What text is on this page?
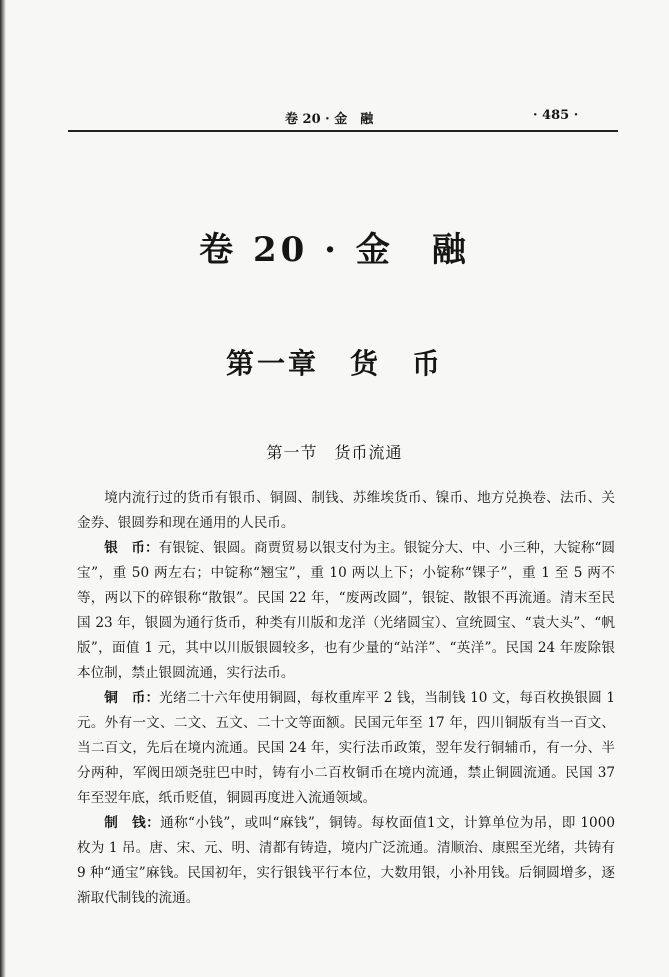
卷 20 · 金　融	· 485 ·
卷 20 · 金　融
第一章　货　币
第一节　货币流通

境内流行过的货币有银币、铜圆、制钱、苏维埃货币、镍币、地方兑换卷、法币、关金券、银圆券和现在通用的人民币。

银　币：有银锭、银圆。商贾贸易以银支付为主。银锭分大、中、小三种，大锭称“圆宝”，重 50 两左右；中锭称“翘宝”，重 10 两以上下；小锭称“锞子”，重 1 至 5 两不等，两以下的碎银称“散银”。民国 22 年，“废两改圆”，银锭、散银不再流通。清末至民国 23 年，银圆为通行货币，种类有川版和龙洋（光绪圆宝）、宣统圆宝、“袁大头”、“帆版”，面值 1 元，其中以川版银圆较多，也有少量的“站洋”、“英洋”。民国 24 年废除银本位制，禁止银圆流通，实行法币。

铜　币：光绪二十六年使用铜圆，每枚重库平 2 钱，当制钱 10 文，每百枚换银圆 1 元。外有一文、二文、五文、二十文等面额。民国元年至 17 年，四川铜版有当一百文、当二百文，先后在境内流通。民国 24 年，实行法币政策，翌年发行铜辅币，有一分、半分两种，军阀田颂尧驻巴中时，铸有小二百枚铜币在境内流通，禁止铜圆流通。民国 37 年至翌年底，纸币贬值，铜圆再度进入流通领域。

制　钱：通称“小钱”，或叫“麻钱”，铜铸。每枚面值1文，计算单位为吊，即 1000 枚为 1 吊。唐、宋、元、明、清都有铸造，境内广泛流通。清顺治、康熙至光绪，共铸有 9 种“通宝”麻钱。民国初年，实行银钱平行本位，大数用银，小补用钱。后铜圆增多，逐渐取代制钱的流通。
